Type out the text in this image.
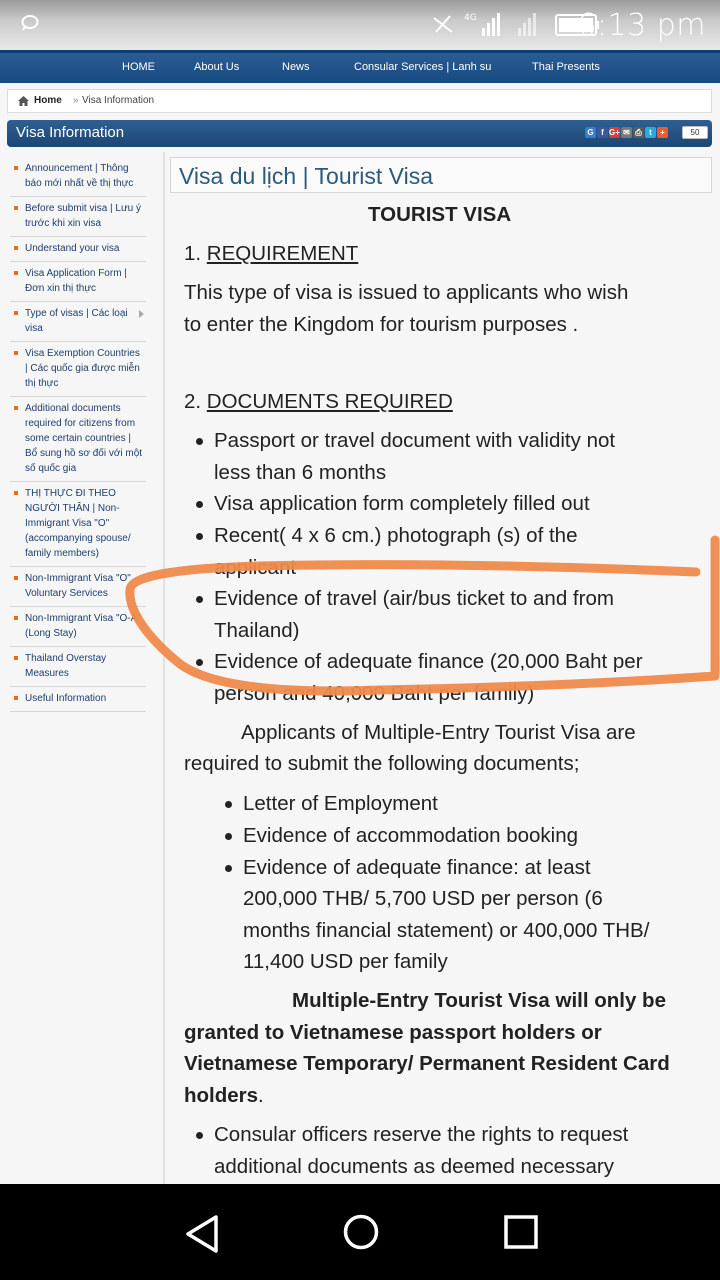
4G	6:13 pm
HOME	About Us	News	Consular Services | Lanh su	Thai Presents
Home » Visa Information
Visa Information	G f G+ ✉ ⎙ t	+	50
Announcement | Thông báo mới nhất về thị thực
Before submit visa | Lưu ý trước khi xin visa
Understand your visa
Visa Application Form | Đơn xin thị thực
Type of visas | Các loại visa
Visa Exemption Countries | Các quốc gia được miễn thị thực
Additional documents required for citizens from some certain countries | Bổ sung hồ sơ đối với một số quốc gia
THỊ THỰC ĐI THEO NGƯỜI THÂN | Non-Immigrant Visa "O" (accompanying spouse/ family members)
Non-Immigrant Visa "O" Voluntary Services
Non-Immigrant Visa "O-A" (Long Stay)
Thailand Overstay Measures
Useful Information
Visa du lịch | Tourist Visa
TOURIST VISA
1. REQUIREMENT
This type of visa is issued to applicants who wish
to enter the Kingdom for tourism purposes .
2. DOCUMENTS REQUIRED
Passport or travel document with validity not
less than 6 months
Visa application form completely filled out
Recent( 4 x 6 cm.) photograph (s) of the
applicant
Evidence of travel (air/bus ticket to and from
Thailand)
Evidence of adequate finance (20,000 Baht per
person and 40,000 Baht per family)
Applicants of Multiple-Entry Tourist Visa are
required to submit the following documents;
Letter of Employment
Evidence of accommodation booking
Evidence of adequate finance: at least
200,000 THB/ 5,700 USD per person (6
months financial statement) or 400,000 THB/
11,400 USD per family
Multiple-Entry Tourist Visa will only be
granted to Vietnamese passport holders or
Vietnamese Temporary/ Permanent Resident Card
holders.
Consular officers reserve the rights to request
additional documents as deemed necessary
